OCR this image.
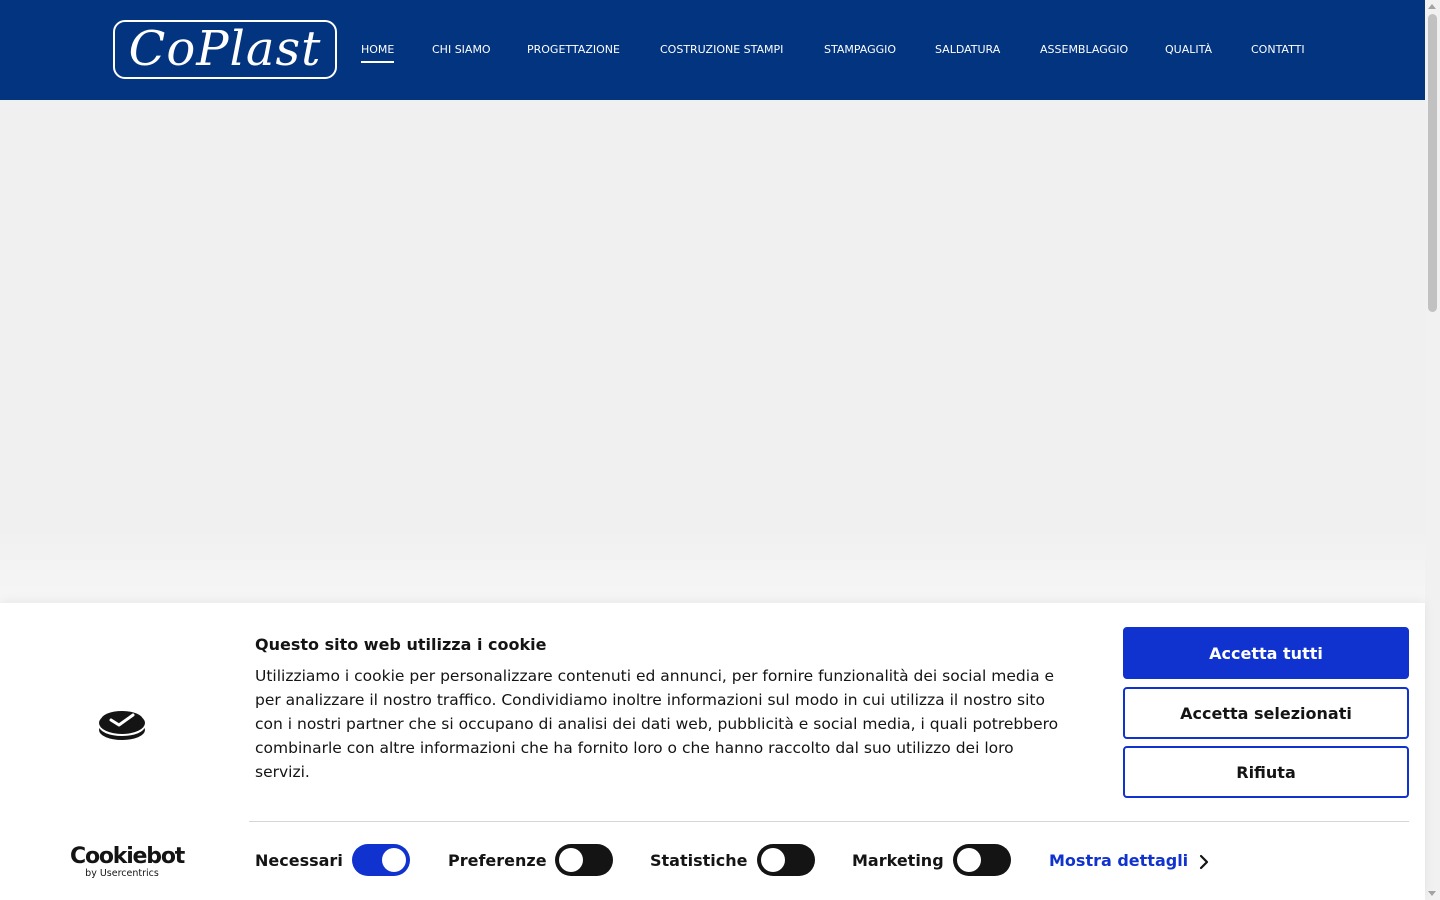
CoPlast	HOME	CHI SIAMO	PROGETTAZIONE	COSTRUZIONE STAMPI	STAMPAGGIO	SALDATURA	ASSEMBLAGGIO	QUALITÀ	CONTATTI
Questo sito web utilizza i cookie

Utilizziamo i cookie per personalizzare contenuti ed annunci, per fornire funzionalità dei social media e per analizzare il nostro traffico. Condividiamo inoltre informazioni sul modo in cui utilizza il nostro sito con i nostri partner che si occupano di analisi dei dati web, pubblicità e social media, i quali potrebbero combinarle con altre informazioni che ha fornito loro o che hanno raccolto dal suo utilizzo dei loro servizi.

Accetta tutti
Accetta selezionati
Rifiuta
Cookiebot
by Usercentrics
Necessari	Preferenze	Statistiche	Marketing	Mostra dettagli
